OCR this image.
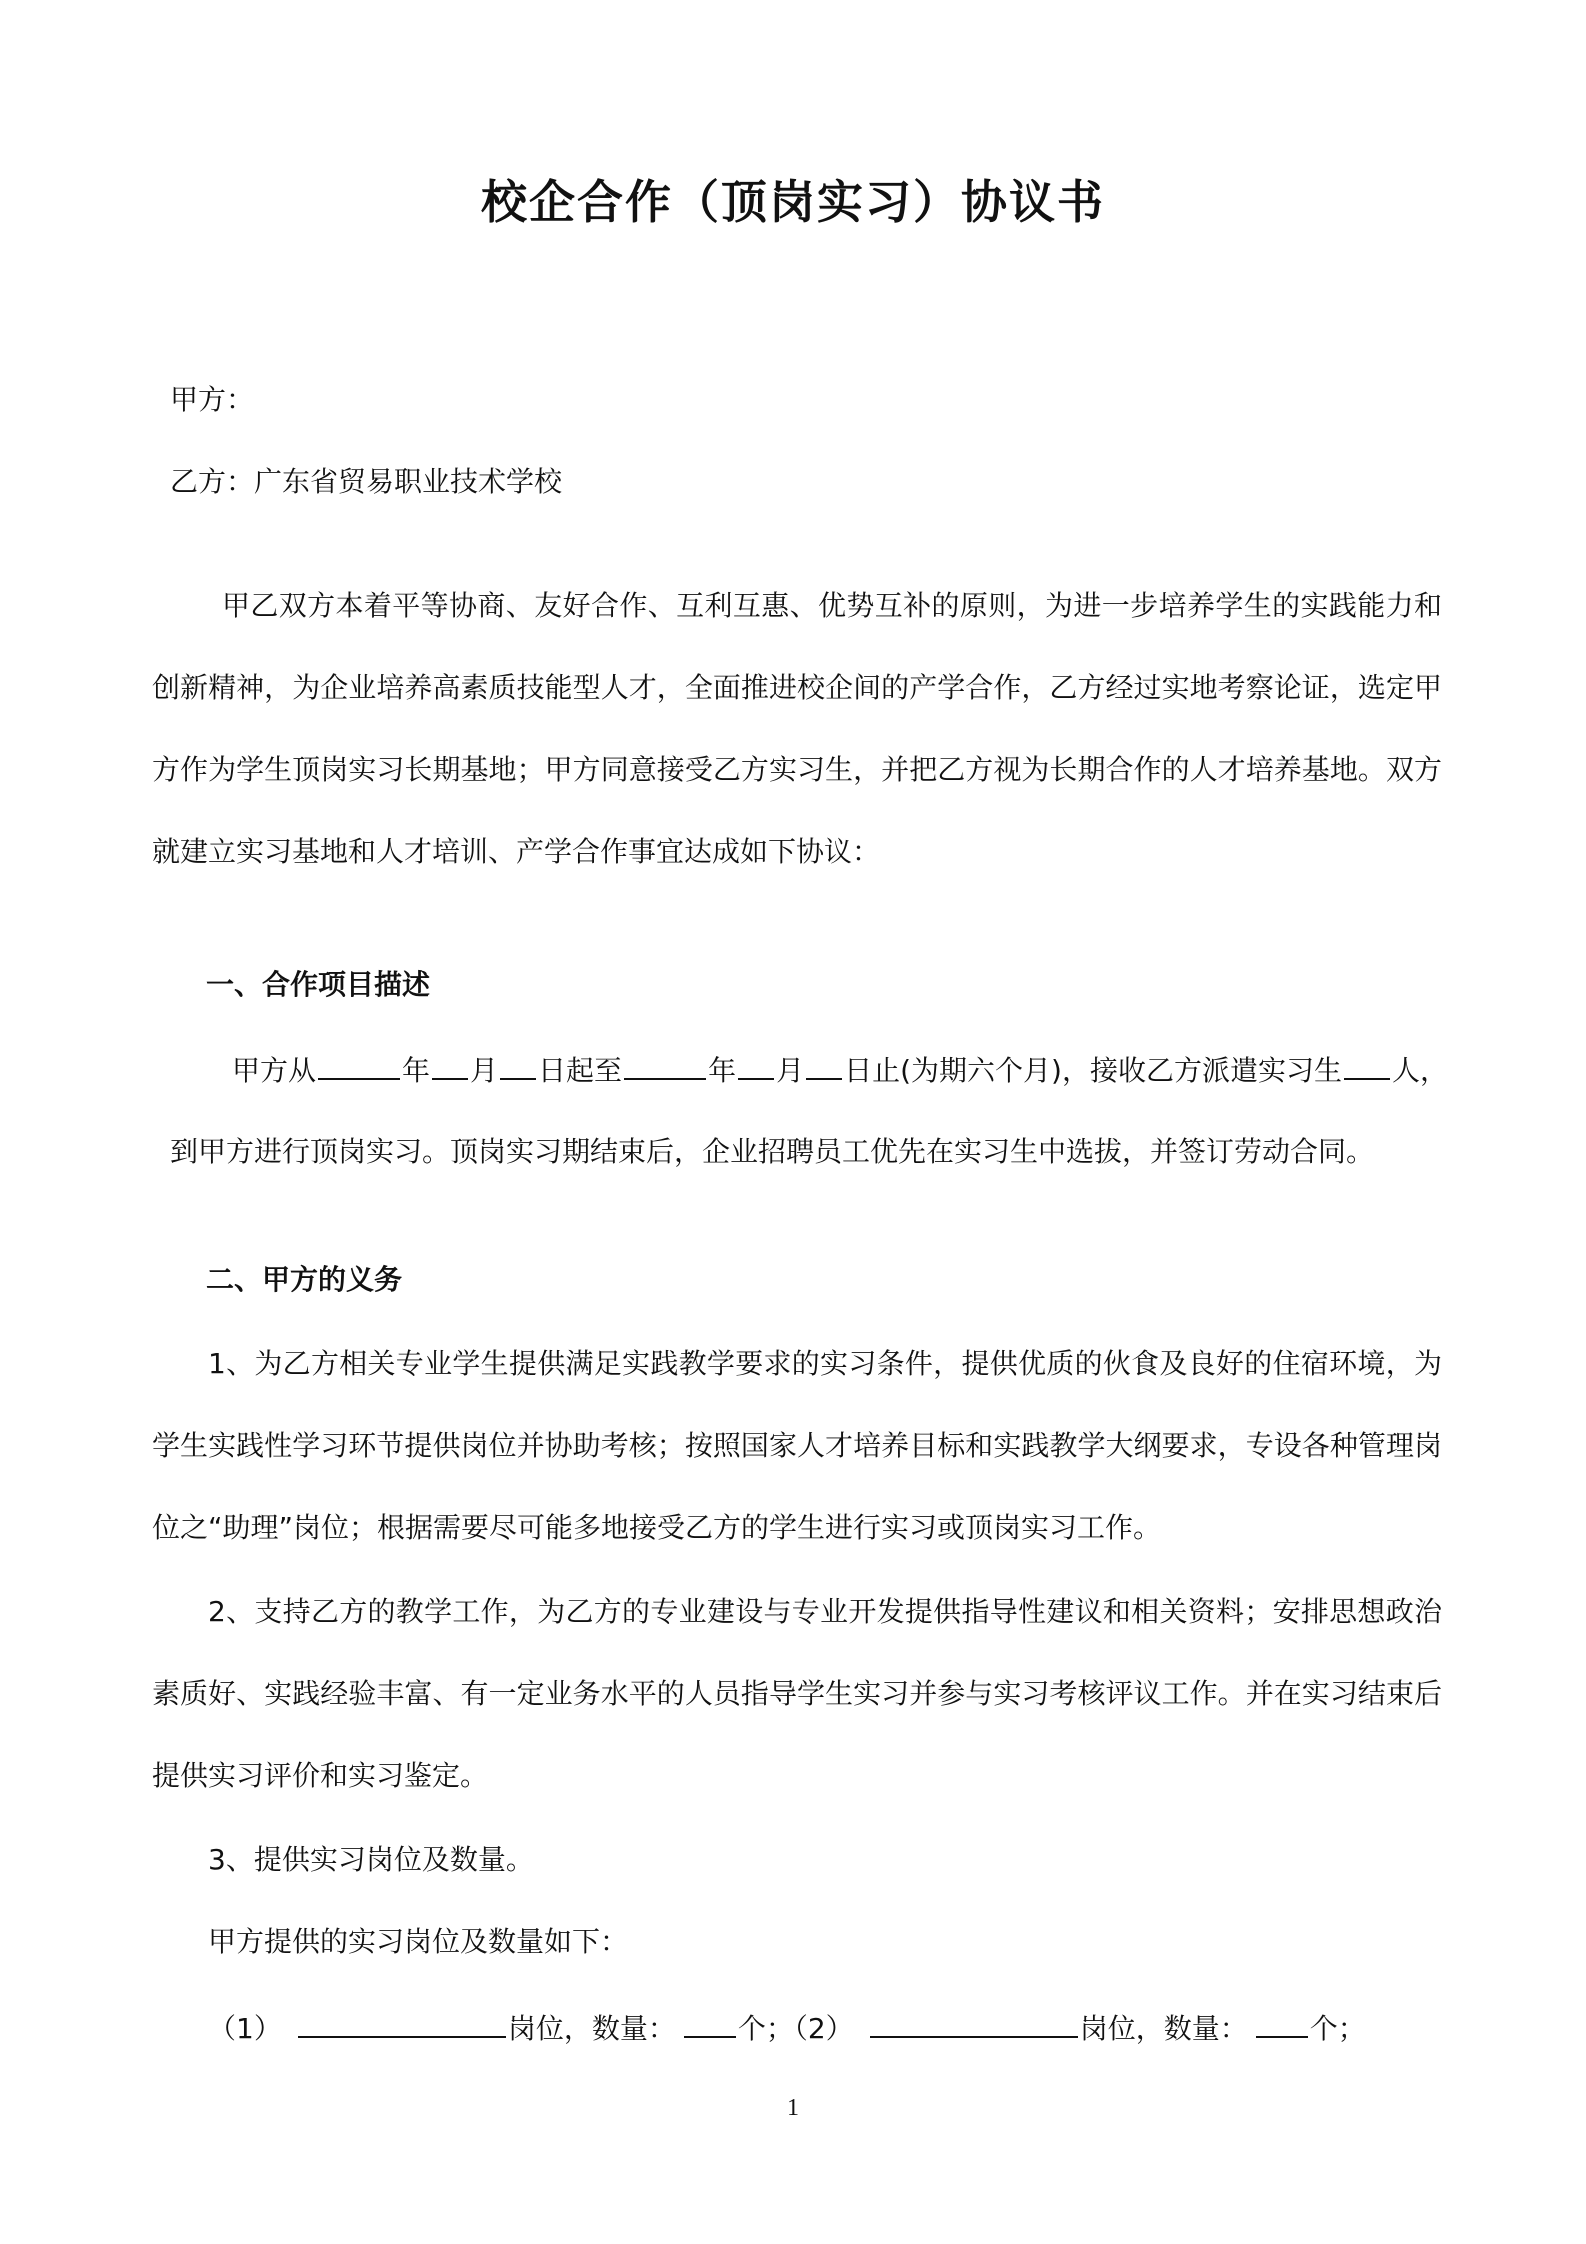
校企合作（顶岗实习）协议书
甲方：
乙方：广东省贸易职业技术学校
甲乙双方本着平等协商、友好合作、互利互惠、优势互补的原则，为进一步培养学生的实践能力和
创新精神，为企业培养高素质技能型人才，全面推进校企间的产学合作，乙方经过实地考察论证，选定甲
方作为学生顶岗实习长期基地；甲方同意接受乙方实习生，并把乙方视为长期合作的人才培养基地。双方
就建立实习基地和人才培训、产学合作事宜达成如下协议：
一、合作项目描述
甲方从	年 月 日起至	年 月 日止(为期六个月)，接收乙方派遣实习生 人，
到甲方进行顶岗实习。顶岗实习期结束后，企业招聘员工优先在实习生中选拔，并签订劳动合同。
二、甲方的义务
1、为乙方相关专业学生提供满足实践教学要求的实习条件，提供优质的伙食及良好的住宿环境，为
学生实践性学习环节提供岗位并协助考核；按照国家人才培养目标和实践教学大纲要求，专设各种管理岗
位之“助理”岗位；根据需要尽可能多地接受乙方的学生进行实习或顶岗实习工作。
2、支持乙方的教学工作，为乙方的专业建设与专业开发提供指导性建议和相关资料；安排思想政治
素质好、实践经验丰富、有一定业务水平的人员指导学生实习并参与实习考核评议工作。并在实习结束后
提供实习评价和实习鉴定。
3、提供实习岗位及数量。
甲方提供的实习岗位及数量如下：
（1）	岗位，数量： 个；（2）	岗位，数量： 个；
1
